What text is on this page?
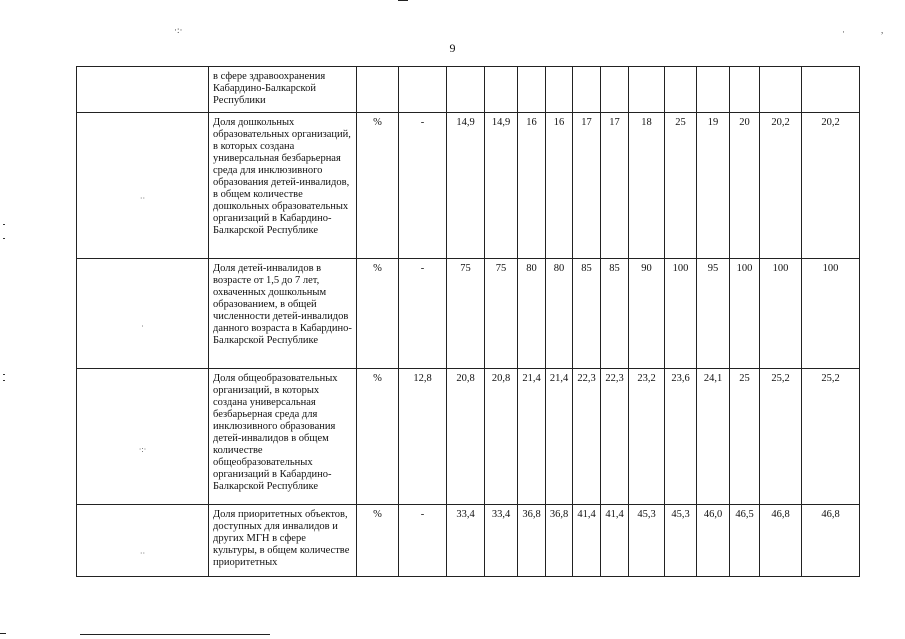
·:·	·	,
9
	в сфере здравоохранения Кабардино-Балкарской Республики														
··	Доля дошкольных образовательных организаций, в которых создана универсальная безбарьерная среда для инклюзивного образования детей-инвалидов, в общем количестве дошкольных образовательных организаций в Кабардино-Балкарской Республике	%	-	14,9	14,9	16	16	17	17	18	25	19	20	20,2	20,2
·	Доля детей-инвалидов в возрасте от 1,5 до 7 лет, охваченных дошкольным образованием, в общей численности детей-инвалидов данного возраста в Кабардино-Балкарской Республике	%	-	75	75	80	80	85	85	90	100	95	100	100	100
·:·	Доля общеобразовательных организаций, в которых создана универсальная безбарьерная среда для инклюзивного образования детей-инвалидов в общем количестве общеобразовательных организаций в Кабардино-Балкарской Республике	%	12,8	20,8	20,8	21,4	21,4	22,3	22,3	23,2	23,6	24,1	25	25,2	25,2
··	Доля приоритетных объектов, доступных для инвалидов и других МГН в сфере культуры, в общем количестве приоритетных	%	-	33,4	33,4	36,8	36,8	41,4	41,4	45,3	45,3	46,0	46,5	46,8	46,8
